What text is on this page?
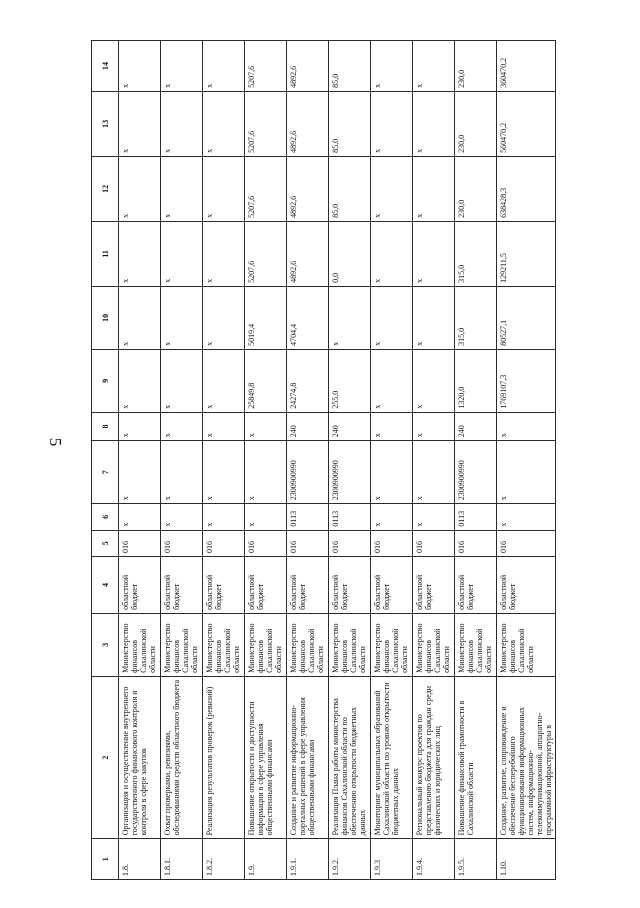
5
1	2	3	4	5	6	7	8	9	10	11	12	13	14
1.8.	Организация и осуществление внутреннего государственного финансового контроля и контроля в сфере закупок	Министерство финансов Сахалинской области	областной бюджет	016	х	х	х	х	х	х	х	х	х
1.8.1.	Охват проверками, ревизиями, обследованиями средств областного бюджета	Министерство финансов Сахалинской области	областной бюджет	016	х	х	х	х	х	х	х	х	х
1.8.2.	Реализация результатов проверок (ревизий)	Министерство финансов Сахалинской области	областной бюджет	016	х	х	х	х	х	х	х	х	х
1.9.	Повышение открытости и доступности информации в сфере управления общественными финансами	Министерство финансов Сахалинской области	областной бюджет	016	х	х	х	25849,8	5019,4	5207,6	5207,6	5207,6	5207,6
1.9.1.	Создание и развитие информационно-порталных решений в сфере управления общественными финансами	Министерство финансов Сахалинской области	областной бюджет	016	0113	2300900990	240	24274,8	4704,4	4892,6	4892,6	4892,6	4892,6
1.9.2.	Реализация Плана работы министерства финансов Сахалинской области по обеспечению открытости бюджетных данных	Министерство финансов Сахалинской области	областной бюджет	016	0113	2300900990	240	255,0	х	0,0	85,0	85,0	85,0
1.9.3	Мониторинг муниципальных образований Сахалинской области по уровню открытости бюджетных данных	Министерство финансов Сахалинской области	областной бюджет	016	х	х	х	х	х	х	х	х	х
1.9.4.	Региональный конкурс проектов по представлению бюджета для граждан среди физических и юридических лиц	Министерство финансов Сахалинской области	областной бюджет	016	х	х	х	х	х	х	х	х	х
1.9.5.	Повышение финансовой грамотности в Сахалинской области	Министерство финансов Сахалинской области	областной бюджет	016	0113	2300900990	240	1320,0	315,0	315,0	230,0	230,0	230,0
1.10.	Создание, развитие, сопровождение и обеспечение бесперебойного функционирования информационных систем, информационно-телекоммуникационной, аппаратно-программной инфраструктуры в	Министерство финансов Сахалинской области	областной бюджет	016	х	х	х	1769107,3	80527,1	129211,5	638428,3	560470,2	360470,2
